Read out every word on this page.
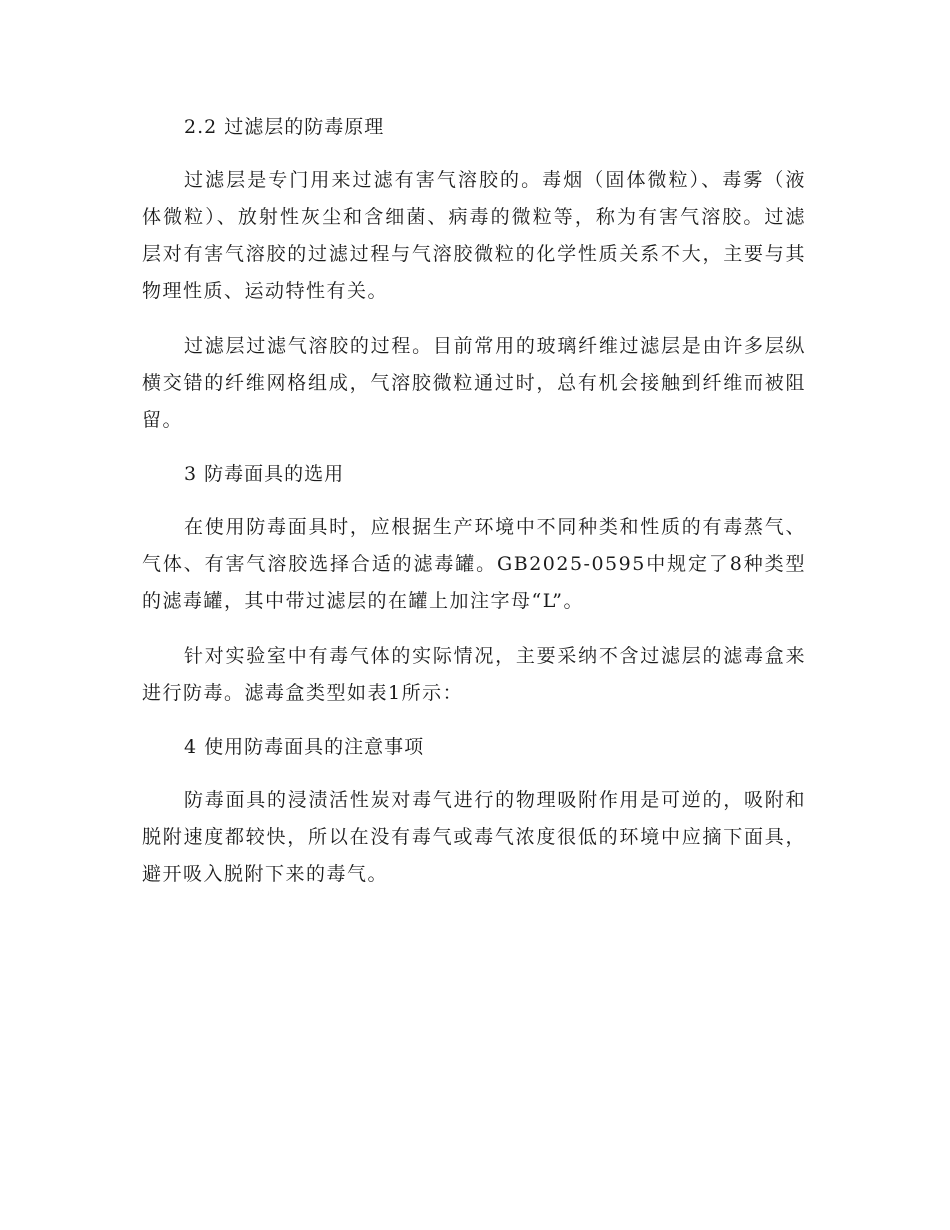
2.2 过滤层的防毒原理

过滤层是专门用来过滤有害气溶胶的。毒烟（固体微粒）、毒雾（液体微粒）、放射性灰尘和含细菌、病毒的微粒等，称为有害气溶胶。过滤层对有害气溶胶的过滤过程与气溶胶微粒的化学性质关系不大，主要与其物理性质、运动特性有关。

过滤层过滤气溶胶的过程。目前常用的玻璃纤维过滤层是由许多层纵横交错的纤维网格组成，气溶胶微粒通过时，总有机会接触到纤维而被阻留。

3 防毒面具的选用

在使用防毒面具时，应根据生产环境中不同种类和性质的有毒蒸气、气体、有害气溶胶选择合适的滤毒罐。GB2025-0595中规定了8种类型的滤毒罐，其中带过滤层的在罐上加注字母“L”。

针对实验室中有毒气体的实际情况，主要采纳不含过滤层的滤毒盒来进行防毒。滤毒盒类型如表1所示：

4 使用防毒面具的注意事项

防毒面具的浸渍活性炭对毒气进行的物理吸附作用是可逆的，吸附和脱附速度都较快，所以在没有毒气或毒气浓度很低的环境中应摘下面具，避开吸入脱附下来的毒气。
